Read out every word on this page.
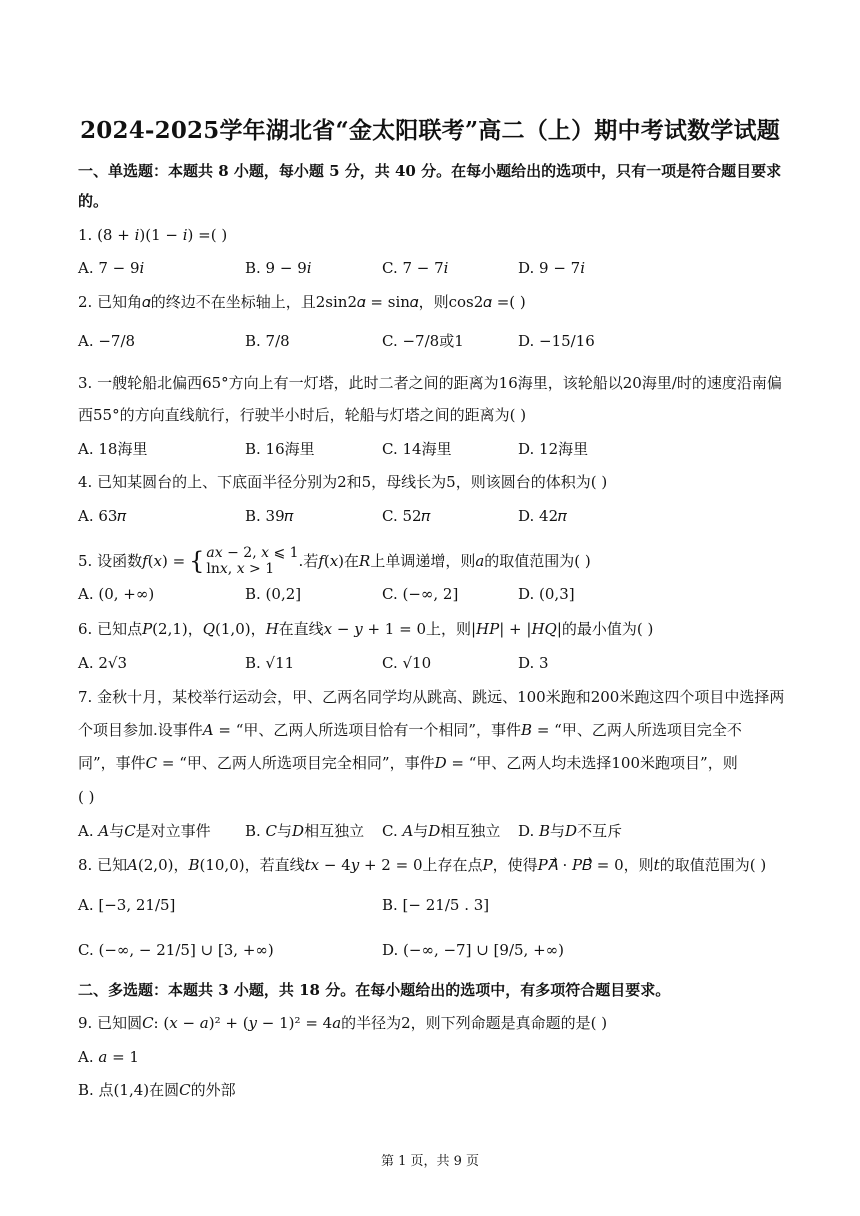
2024-2025学年湖北省“金太阳联考”高二（上）期中考试数学试题
一、单选题：本题共 8 小题，每小题 5 分，共 40 分。在每小题给出的选项中，只有一项是符合题目要求
的。
1. (8 + 𝑖)(1 − 𝑖) =( )
A. 7 − 9𝑖	B. 9 − 9𝑖	C. 7 − 7𝑖	D. 9 − 7𝑖
2. 已知角𝛼的终边不在坐标轴上，且2sin2𝛼 = sin𝛼，则cos2𝛼 =( )
A. −7/8	B. 7/8	C. −7/8或1	D. −15/16
3. 一艘轮船北偏西65°方向上有一灯塔，此时二者之间的距离为16海里，该轮船以20海里/时的速度沿南偏
西55°的方向直线航行，行驶半小时后，轮船与灯塔之间的距离为( )
A. 18海里	B. 16海里	C. 14海里	D. 12海里
4. 已知某圆台的上、下底面半径分别为2和5，母线长为5，则该圆台的体积为( )
A. 63𝜋	B. 39𝜋	C. 52𝜋	D. 42𝜋
5. 设函数𝑓(𝑥) = { 𝑎𝑥 − 2, 𝑥 ⩽ 1
ln𝑥, 𝑥 > 1	.若𝑓(𝑥)在𝑅上单调递增，则𝑎的取值范围为( )
A. (0, +∞)	B. (0,2]	C. (−∞, 2]	D. (0,3]
6. 已知点𝑃(2,1)，𝑄(1,0)，𝐻在直线𝑥 − 𝑦 + 1 = 0上，则|𝐻𝑃| + |𝐻𝑄|的最小值为( )
A. 2√3	B. √11	C. √10	D. 3
7. 金秋十月，某校举行运动会，甲、乙两名同学均从跳高、跳远、100米跑和200米跑这四个项目中选择两
个项目参加.设事件𝐴 = “甲、乙两人所选项目恰有一个相同”，事件𝐵 = “甲、乙两人所选项目完全不
同”，事件𝐶 = “甲、乙两人所选项目完全相同”，事件𝐷 = “甲、乙两人均未选择100米跑项目”，则
( )
A. 𝐴与𝐶是对立事件 B. 𝐶与𝐷相互独立 C. 𝐴与𝐷相互独立 D. 𝐵与𝐷不互斥
8. 已知𝐴(2,0)，𝐵(10,0)，若直线𝑡𝑥 − 4𝑦 + 2 = 0上存在点𝑃，使得𝑃𝐴⃗ · 𝑃𝐵⃗ = 0，则𝑡的取值范围为( )
A. [−3, 21/5]	B. [− 21/5 . 3]
C. (−∞, − 21/5] ∪ [3, +∞)	D. (−∞, −7] ∪ [9/5, +∞)
二、多选题：本题共 3 小题，共 18 分。在每小题给出的选项中，有多项符合题目要求。
9. 已知圆𝐶: (𝑥 − 𝑎)² + (𝑦 − 1)² = 4𝑎的半径为2，则下列命题是真命题的是( )
A. 𝑎 = 1
B. 点(1,4)在圆𝐶的外部
第 1 页，共 9 页
